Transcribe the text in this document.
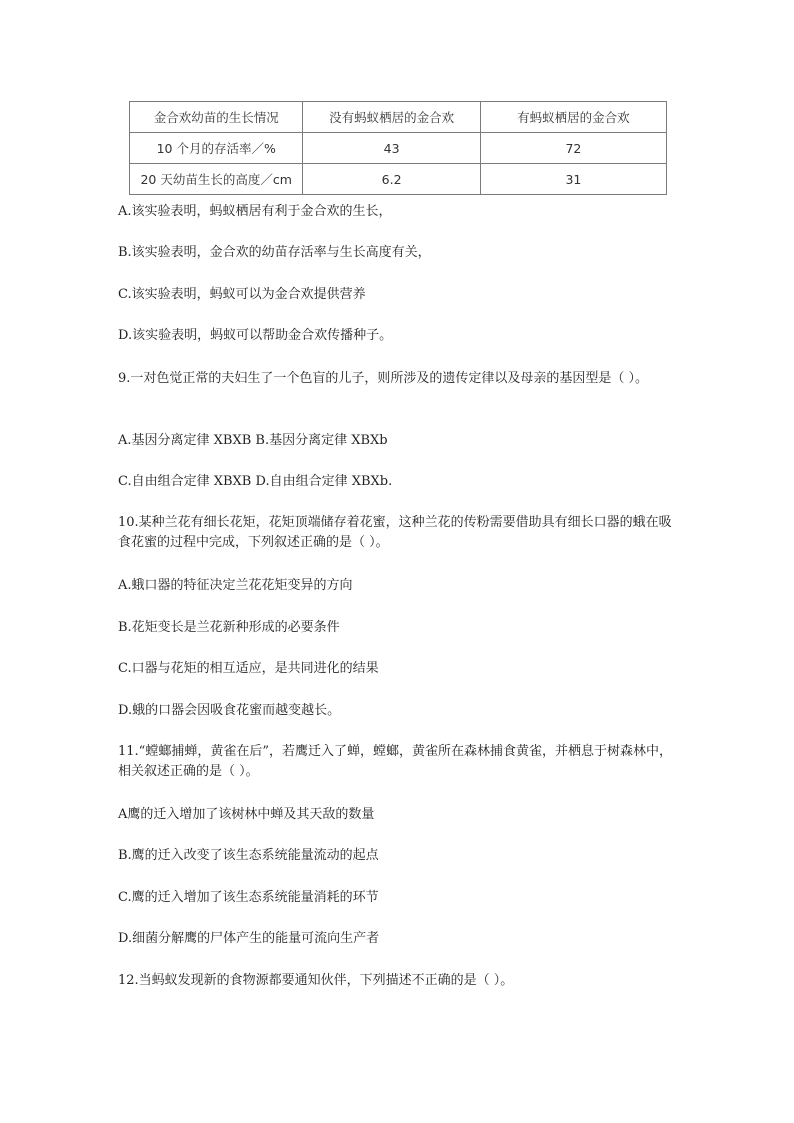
金合欢幼苗的生长情况	没有蚂蚁栖居的金合欢	有蚂蚁栖居的金合欢
10 个月的存活率／%	43	72
20 天幼苗生长的高度／cm	6.2	31
A.该实验表明，蚂蚁栖居有利于金合欢的生长，
B.该实验表明，金合欢的幼苗存活率与生长高度有关，
C.该实验表明，蚂蚁可以为金合欢提供营养
D.该实验表明，蚂蚁可以帮助金合欢传播种子。
9.一对色觉正常的夫妇生了一个色盲的儿子，则所涉及的遗传定律以及母亲的基因型是（ ）。
A.基因分离定律 XBXB B.基因分离定律 XBXb
C.自由组合定律 XBXB D.自由组合定律 XBXb.
10.某种兰花有细长花矩，花矩顶端储存着花蜜，这种兰花的传粉需要借助具有细长口器的蛾在吸食花蜜的过程中完成，下列叙述正确的是（ ）。
A.蛾口器的特征决定兰花花矩变异的方向
B.花矩变长是兰花新种形成的必要条件
C.口器与花矩的相互适应，是共同进化的结果
D.蛾的口器会因吸食花蜜而越变越长。
11.“螳螂捕蝉，黄雀在后”，若鹰迁入了蝉，螳螂，黄雀所在森林捕食黄雀，并栖息于树森林中，相关叙述正确的是（ ）。
A鹰的迁入增加了该树林中蝉及其天敌的数量
B.鹰的迁入改变了该生态系统能量流动的起点
C.鹰的迁入增加了该生态系统能量消耗的环节
D.细菌分解鹰的尸体产生的能量可流向生产者
12.当蚂蚁发现新的食物源都要通知伙伴，下列描述不正确的是（ ）。
